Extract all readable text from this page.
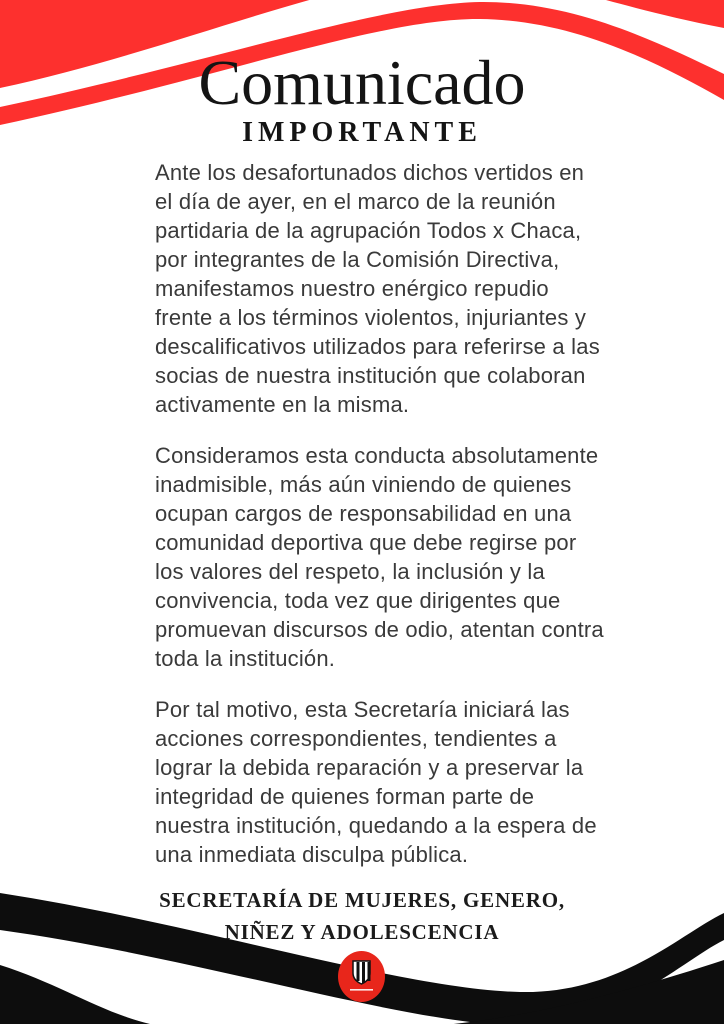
Comunicado
IMPORTANTE
Ante los desafortunados dichos vertidos en
el día de ayer, en el marco de la reunión
partidaria de la agrupación Todos x Chaca,
por integrantes de la Comisión Directiva,
manifestamos nuestro enérgico repudio
frente a los términos violentos, injuriantes y
descalificativos utilizados para referirse a las
socias de nuestra institución que colaboran
activamente en la misma.
Consideramos esta conducta absolutamente
inadmisible, más aún viniendo de quienes
ocupan cargos de responsabilidad en una
comunidad deportiva que debe regirse por
los valores del respeto, la inclusión y la
convivencia, toda vez que dirigentes que
promuevan discursos de odio, atentan contra
toda la institución.
Por tal motivo, esta Secretaría iniciará las
acciones correspondientes, tendientes a
lograr la debida reparación y a preservar la
integridad de quienes forman parte de
nuestra institución, quedando a la espera de
una inmediata disculpa pública.
SECRETARÍA DE MUJERES, GENERO,
NIÑEZ Y ADOLESCENCIA
